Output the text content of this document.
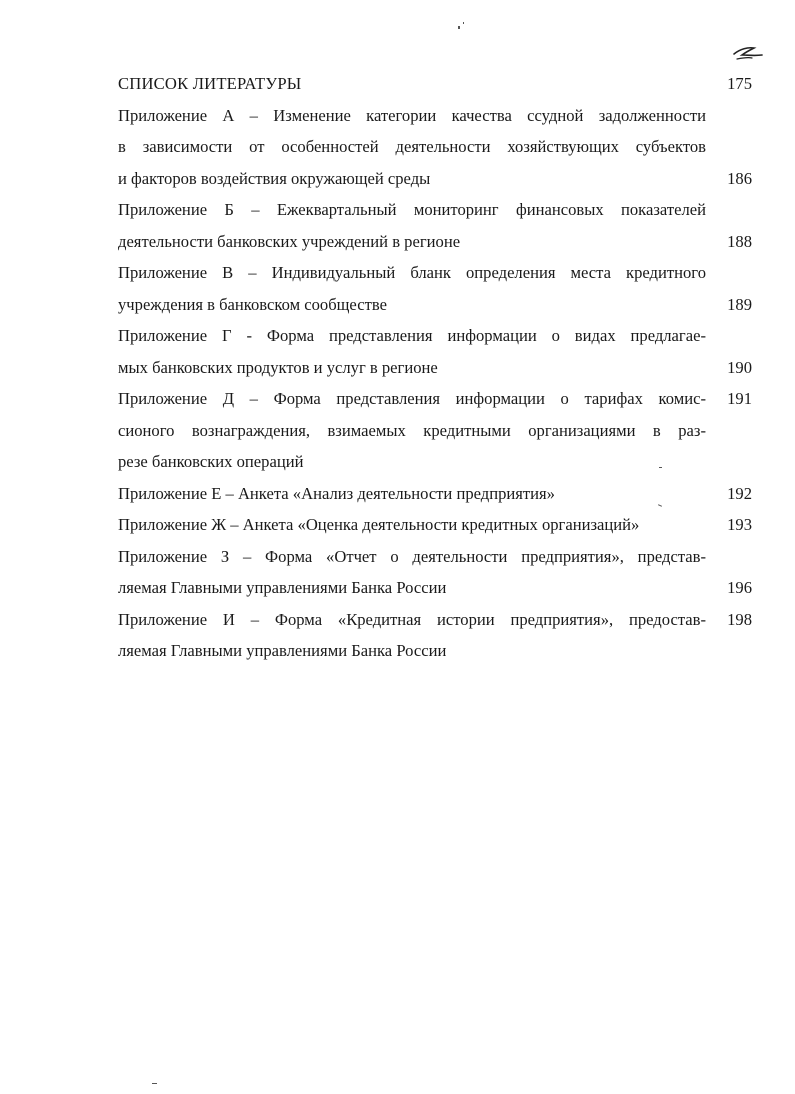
СПИСОК ЛИТЕРАТУРЫ	175
Приложение А – Изменение категории качества ссудной задолженности
в зависимости от особенностей деятельности хозяйствующих субъектов
и факторов воздействия окружающей среды	186
Приложение Б – Ежеквартальный мониторинг финансовых показателей
деятельности банковских учреждений в регионе	188
Приложение В – Индивидуальный бланк определения места кредитного
учреждения в банковском сообществе	189
Приложение Г - Форма представления информации о видах предлагае-
мых банковских продуктов и услуг в регионе	190
Приложение Д – Форма представления информации о тарифах комис-	191
сионого вознаграждения, взимаемых кредитными организациями в раз-
резе банковских операций
Приложение Е – Анкета «Анализ деятельности предприятия»	192
Приложение Ж – Анкета «Оценка деятельности кредитных организаций»	193
Приложение З – Форма «Отчет о деятельности предприятия», представ-
ляемая Главными управлениями Банка России	196
Приложение И – Форма «Кредитная истории предприятия», предостав-	198
ляемая Главными управлениями Банка России
